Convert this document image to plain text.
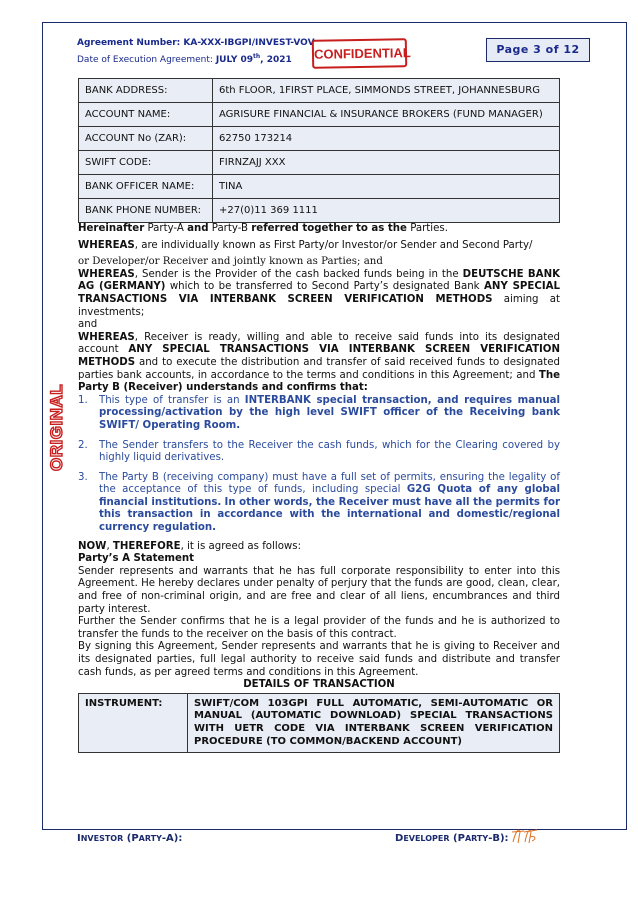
Agreement Number: KA-XXX-IBGPI/INVEST-VOV
Date of Execution Agreement: JULY 09th, 2021 CONFIDENTIAL	Page 3 of 12
ORIGINAL
BANK ADDRESS:	6th FLOOR, 1FIRST PLACE, SIMMONDS STREET, JOHANNESBURG
ACCOUNT NAME:	AGRISURE FINANCIAL & INSURANCE BROKERS (FUND MANAGER)
ACCOUNT No (ZAR):	62750 173214
SWIFT CODE:	FIRNZAJJ XXX
BANK OFFICER NAME:	TINA
BANK PHONE NUMBER:	+27(0)11 369 1111

Hereinafter Party-A and Party-B referred together to as the Parties.

WHEREAS, are individually known as First Party/or Investor/or Sender and Second Party/

or Developer/or Receiver and jointly known as Parties; and

WHEREAS, Sender is the Provider of the cash backed funds being in the DEUTSCHE BANK AG (GERMANY) which to be transferred to Second Party’s designated Bank ANY SPECIAL TRANSACTIONS VIA INTERBANK SCREEN VERIFICATION METHODS aiming at investments;

and

WHEREAS, Receiver is ready, willing and able to receive said funds into its designated account ANY SPECIAL TRANSACTIONS VIA INTERBANK SCREEN VERIFICATION METHODS and to execute the distribution and transfer of said received funds to designated parties bank accounts, in accordance to the terms and conditions in this Agreement; and The Party B (Receiver) understands and confirms that:

1. This type of transfer is an INTERBANK special transaction, and requires manual processing/activation by the high level SWIFT officer of the Receiving bank SWIFT/ Operating Room.
2. The Sender transfers to the Receiver the cash funds, which for the Clearing covered by highly liquid derivatives.
3. The Party B (receiving company) must have a full set of permits, ensuring the legality of the acceptance of this type of funds, including special G2G Quota of any global financial institutions. In other words, the Receiver must have all the permits for this transaction in accordance with the international and domestic/regional currency regulation.

NOW, THEREFORE, it is agreed as follows:

Party’s A Statement

Sender represents and warrants that he has full corporate responsibility to enter into this Agreement. He hereby declares under penalty of perjury that the funds are good, clean, clear, and free of non-criminal origin, and are free and clear of all liens, encumbrances and third party interest.

Further the Sender confirms that he is a legal provider of the funds and he is authorized to transfer the funds to the receiver on the basis of this contract.

By signing this Agreement, Sender represents and warrants that he is giving to Receiver and its designated parties, full legal authority to receive said funds and distribute and transfer cash funds, as per agreed terms and conditions in this Agreement.

DETAILS OF TRANSACTION

INSTRUMENT:	SWIFT/COM 103GPI FULL AUTOMATIC, SEMI-AUTOMATIC OR MANUAL (AUTOMATIC DOWNLOAD) SPECIAL TRANSACTIONS WITH UETR CODE VIA INTERBANK SCREEN VERIFICATION PROCEDURE (TO COMMON/BACKEND ACCOUNT)
INVESTOR (PARTY-A):	DEVELOPER (PARTY-B):
